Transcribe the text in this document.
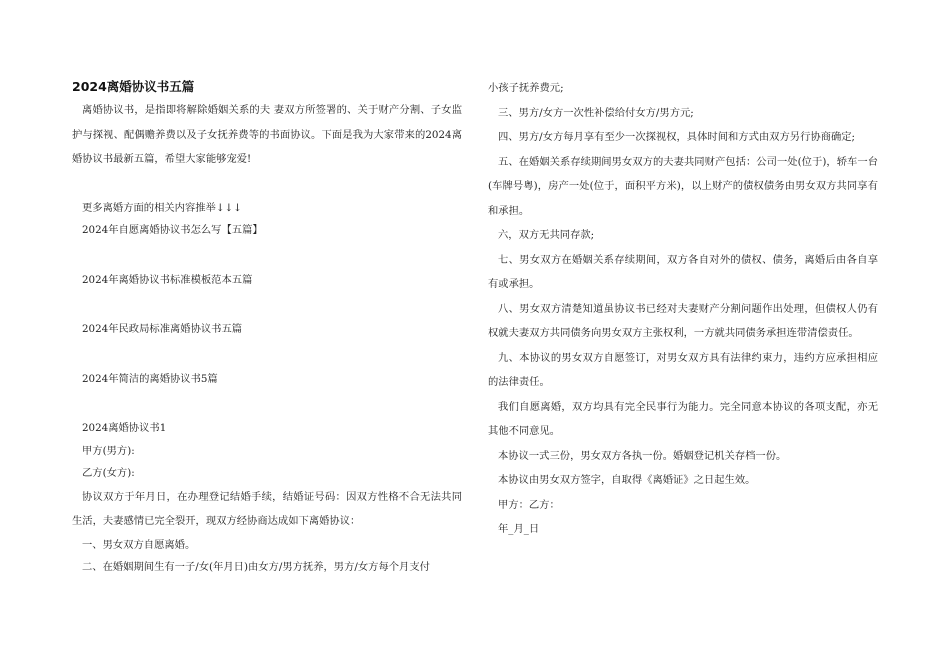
2024离婚协议书五篇
离婚协议书，是指即将解除婚姻关系的夫 妻双方所签署的、关于财产分割、子女监护与探视、配偶赡养费以及子女抚养费等的书面协议。下面是我为大家带来的2024离婚协议书最新五篇，希望大家能够宠爱!
更多离婚方面的相关内容推举↓↓↓
2024年自愿离婚协议书怎么写【五篇】
2024年离婚协议书标准模板范本五篇
2024年民政局标准离婚协议书五篇
2024年简洁的离婚协议书5篇
2024离婚协议书1
甲方(男方):
乙方(女方):
协议双方于年月日，在办理登记结婚手续，结婚证号码：因双方性格不合无法共同生活，夫妻感情已完全裂开，现双方经协商达成如下离婚协议：
一、男女双方自愿离婚。
二、在婚姻期间生有一子/女(年月日)由女方/男方抚养，男方/女方每个月支付
小孩子抚养费元;
三、男方/女方一次性补偿给付女方/男方元;
四、男方/女方每月享有至少一次探视权，具体时间和方式由双方另行协商确定;
五、在婚姻关系存续期间男女双方的夫妻共同财产包括：公司一处(位于)，轿车一台(车牌号粤)，房产一处(位于，面积平方米)，以上财产的债权债务由男女双方共同享有和承担。
六，双方无共同存款;
七、男女双方在婚姻关系存续期间，双方各自对外的债权、债务，离婚后由各自享有或承担。
八、男女双方清楚知道虽协议书已经对夫妻财产分割问题作出处理，但债权人仍有权就夫妻双方共同债务向男女双方主张权利，一方就共同债务承担连带清偿责任。
九、本协议的男女双方自愿签订，对男女双方具有法律约束力，违约方应承担相应的法律责任。
我们自愿离婚，双方均具有完全民事行为能力。完全同意本协议的各项支配，亦无其他不同意见。
本协议一式三份，男女双方各执一份。婚姻登记机关存档一份。
本协议由男女双方签字，自取得《离婚证》之日起生效。
甲方：乙方：
年_月_日
